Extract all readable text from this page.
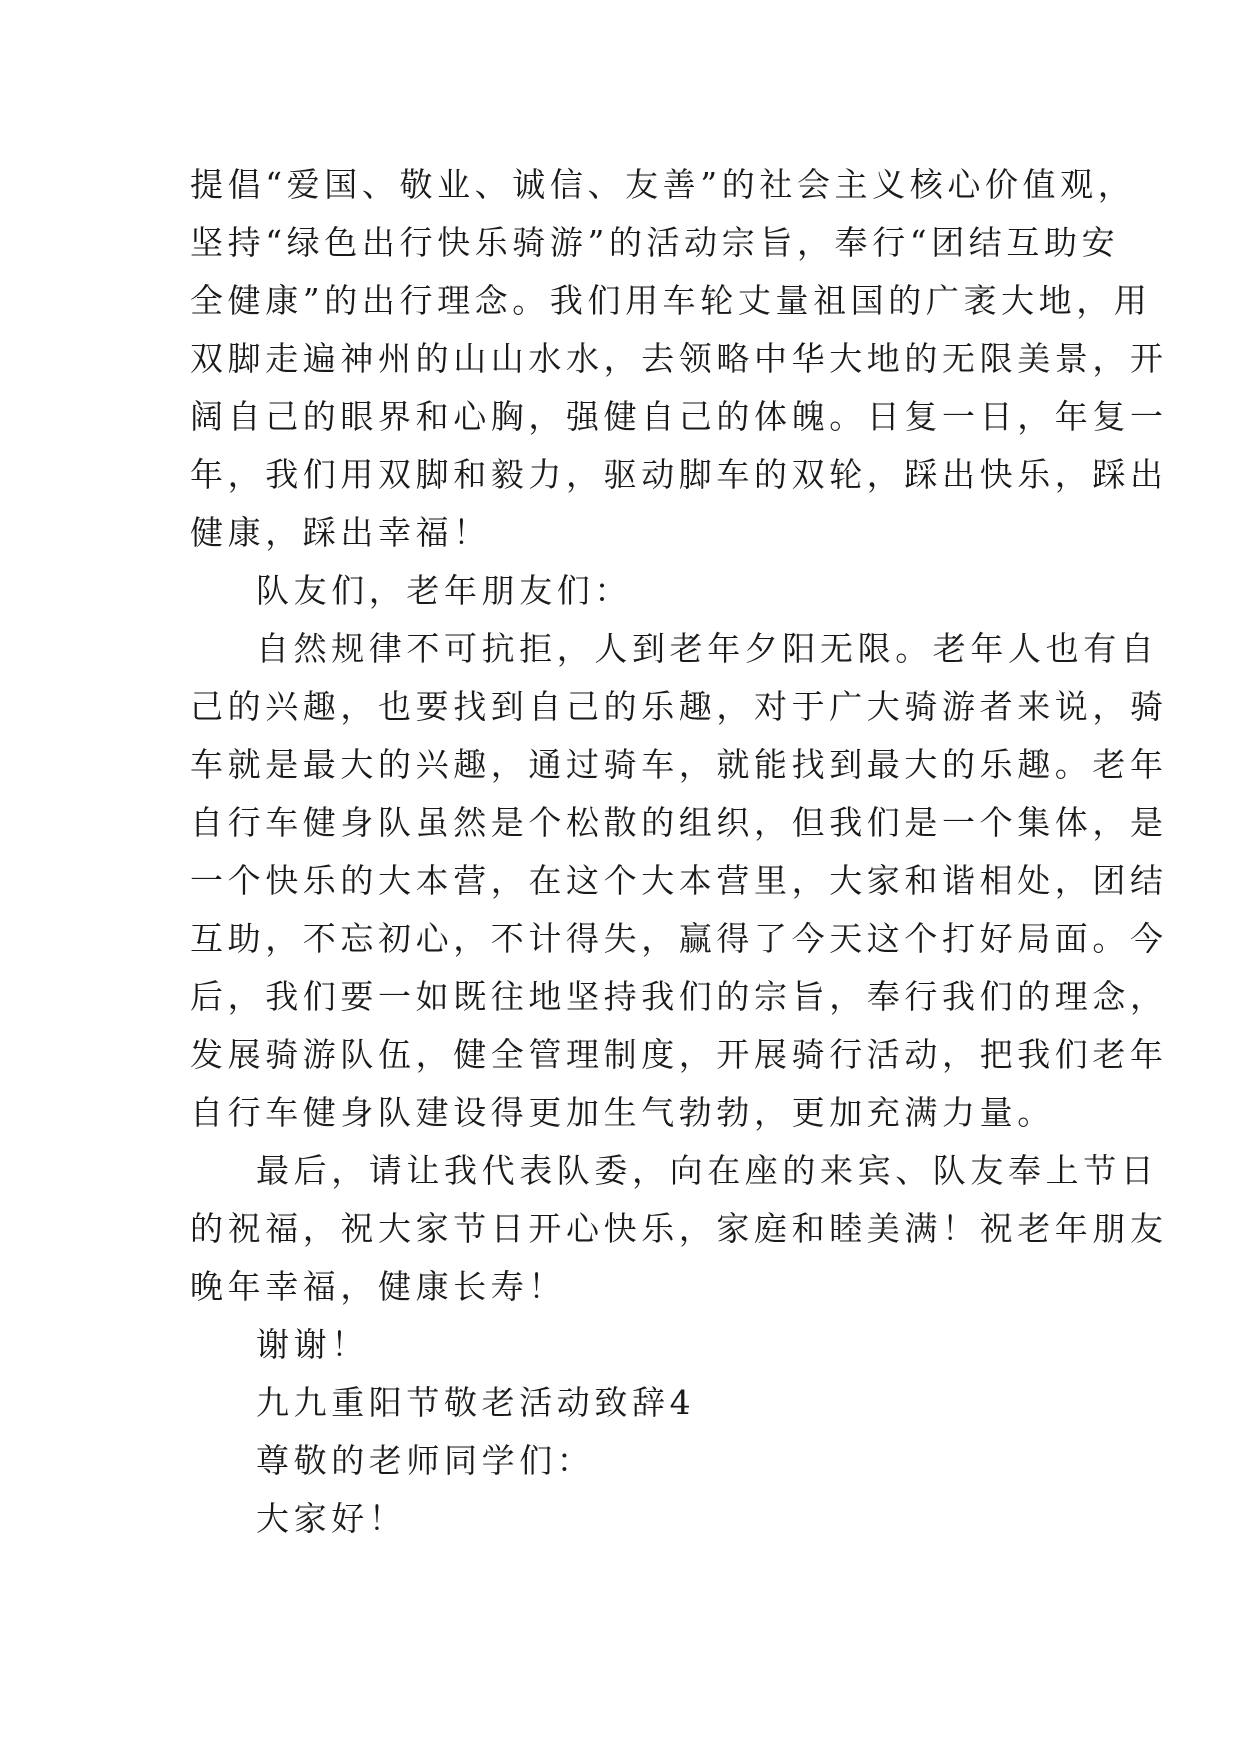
提倡“爱国、敬业、诚信、友善”的社会主义核心价值观，
坚持“绿色出行快乐骑游”的活动宗旨，奉行“团结互助安
全健康”的出行理念。我们用车轮丈量祖国的广袤大地，用
双脚走遍神州的山山水水，去领略中华大地的无限美景，开
阔自己的眼界和心胸，强健自己的体魄。日复一日，年复一
年，我们用双脚和毅力，驱动脚车的双轮，踩出快乐，踩出
健康，踩出幸福！
队友们，老年朋友们：
自然规律不可抗拒，人到老年夕阳无限。老年人也有自
己的兴趣，也要找到自己的乐趣，对于广大骑游者来说，骑
车就是最大的兴趣，通过骑车，就能找到最大的乐趣。老年
自行车健身队虽然是个松散的组织，但我们是一个集体，是
一个快乐的大本营，在这个大本营里，大家和谐相处，团结
互助，不忘初心，不计得失，赢得了今天这个打好局面。今
后，我们要一如既往地坚持我们的宗旨，奉行我们的理念，
发展骑游队伍，健全管理制度，开展骑行活动，把我们老年
自行车健身队建设得更加生气勃勃，更加充满力量。
最后，请让我代表队委，向在座的来宾、队友奉上节日
的祝福，祝大家节日开心快乐，家庭和睦美满！祝老年朋友
晚年幸福，健康长寿！
谢谢！
九九重阳节敬老活动致辞4
尊敬的老师同学们：
大家好！
